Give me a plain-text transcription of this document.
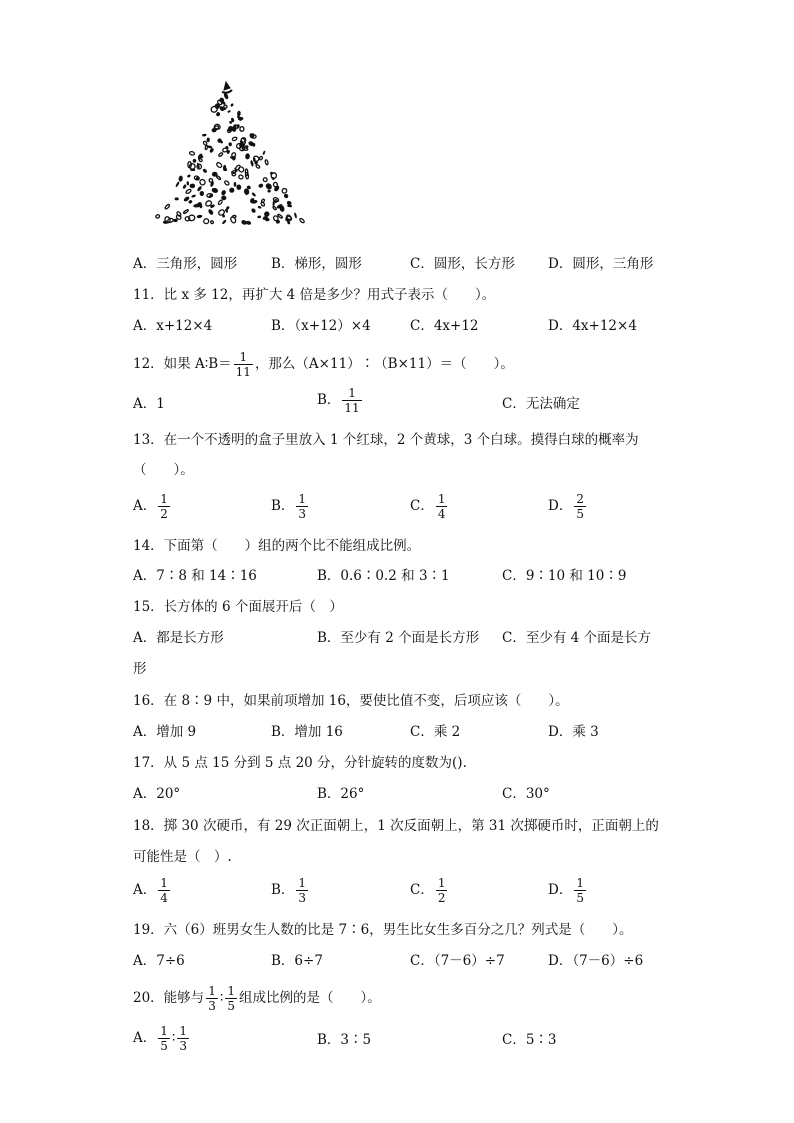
A．三角形，圆形	B．梯形，圆形	C．圆形，长方形 D．圆形，三角形
11．比 x 多 12，再扩大 4 倍是多少？用式子表示（　　）。
A．x+12×4	B．（x+12）×4	C．4x+12	D．4x+12×4
12．如果 A∶B＝ $\frac{1}{11}$ ，那么（A×11）∶（B×11）＝（　　）。
A．1	B． $\frac{1}{11}$	C．无法确定
13．在一个不透明的盒子里放入 1 个红球，2 个黄球，3 个白球。摸得白球的概率为
（　　）。
A． $\frac{1}{2}$	B． $\frac{1}{3}$	C． $\frac{1}{4}$	D． $\frac{2}{5}$
14．下面第（　　）组的两个比不能组成比例。
A．7∶8 和 14∶16	B．0.6∶0.2 和 3∶1	C．9∶10 和 10∶9
15．长方体的 6 个面展开后（　）
A．都是长方形	B．至少有 2 个面是长方形 C．至少有 4 个面是长方
形
16．在 8∶9 中，如果前项增加 16，要使比值不变，后项应该（　　）。
A．增加 9	B．增加 16	C．乘 2	D．乘 3
17．从 5 点 15 分到 5 点 20 分，分针旋转的度数为().
A．20°	B．26°	C．30°
18．掷 30 次硬币，有 29 次正面朝上，1 次反面朝上，第 31 次掷硬币时，正面朝上的
可能性是（　）.
A． $\frac{1}{4}$	B． $\frac{1}{3}$	C． $\frac{1}{2}$	D． $\frac{1}{5}$
19．六（6）班男女生人数的比是 7∶6，男生比女生多百分之几？列式是（　　）。
A．7÷6	B．6÷7	C．（7－6）÷7	D．（7－6）÷6
20．能够与 $\frac{1}{3}$ ∶ $\frac{1}{5}$ 组成比例的是（　　）。
A． $\frac{1}{5}$ ∶ $\frac{1}{3}$	B．3∶5	C．5∶3
